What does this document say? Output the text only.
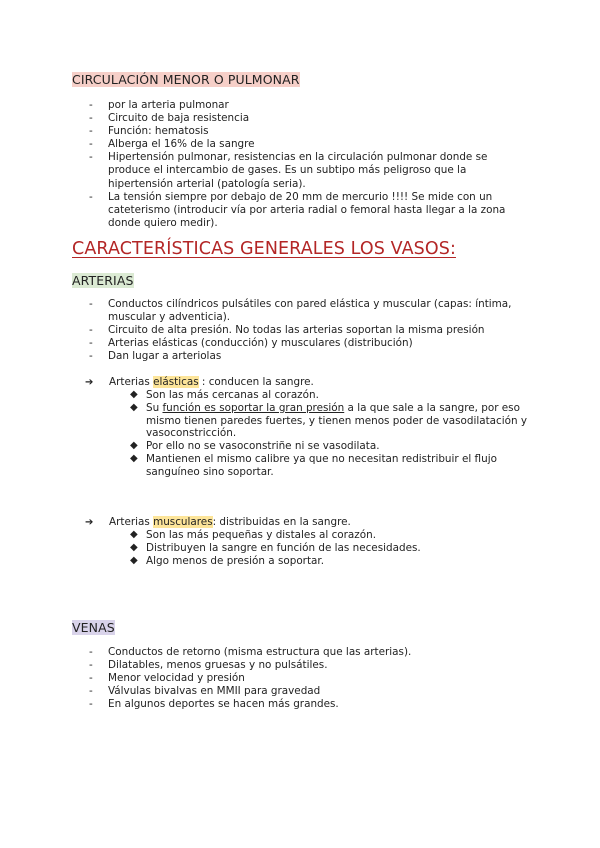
CIRCULACIÓN MENOR O PULMONAR
- por la arteria pulmonar
- Circuito de baja resistencia
- Función: hematosis
- Alberga el 16% de la sangre
- Hipertensión pulmonar, resistencias en la circulación pulmonar donde se produce el intercambio de gases. Es un subtipo más peligroso que la hipertensión arterial (patología seria).
- La tensión siempre por debajo de 20 mm de mercurio !!!! Se mide con un cateterismo (introducir vía por arteria radial o femoral hasta llegar a la zona donde quiero medir).
CARACTERÍSTICAS GENERALES LOS VASOS:
ARTERIAS
- Conductos cilíndricos pulsátiles con pared elástica y muscular (capas: íntima, muscular y adventicia).
- Circuito de alta presión. No todas las arterias soportan la misma presión
- Arterias elásticas (conducción) y musculares (distribución)
- Dan lugar a arteriolas
➔ Arterias elásticas : conducen la sangre.
◆ Son las más cercanas al corazón.
◆ Su función es soportar la gran presión a la que sale a la sangre, por eso mismo tienen paredes fuertes, y tienen menos poder de vasodilatación y vasoconstricción.
◆ Por ello no se vasoconstriñe ni se vasodilata.
◆ Mantienen el mismo calibre ya que no necesitan redistribuir el flujo sanguíneo sino soportar.
➔ Arterias musculares: distribuidas en la sangre.
◆ Son las más pequeñas y distales al corazón.
◆ Distribuyen la sangre en función de las necesidades.
◆ Algo menos de presión a soportar.
VENAS
- Conductos de retorno (misma estructura que las arterias).
- Dilatables, menos gruesas y no pulsátiles.
- Menor velocidad y presión
- Válvulas bivalvas en MMII para gravedad
- En algunos deportes se hacen más grandes.
